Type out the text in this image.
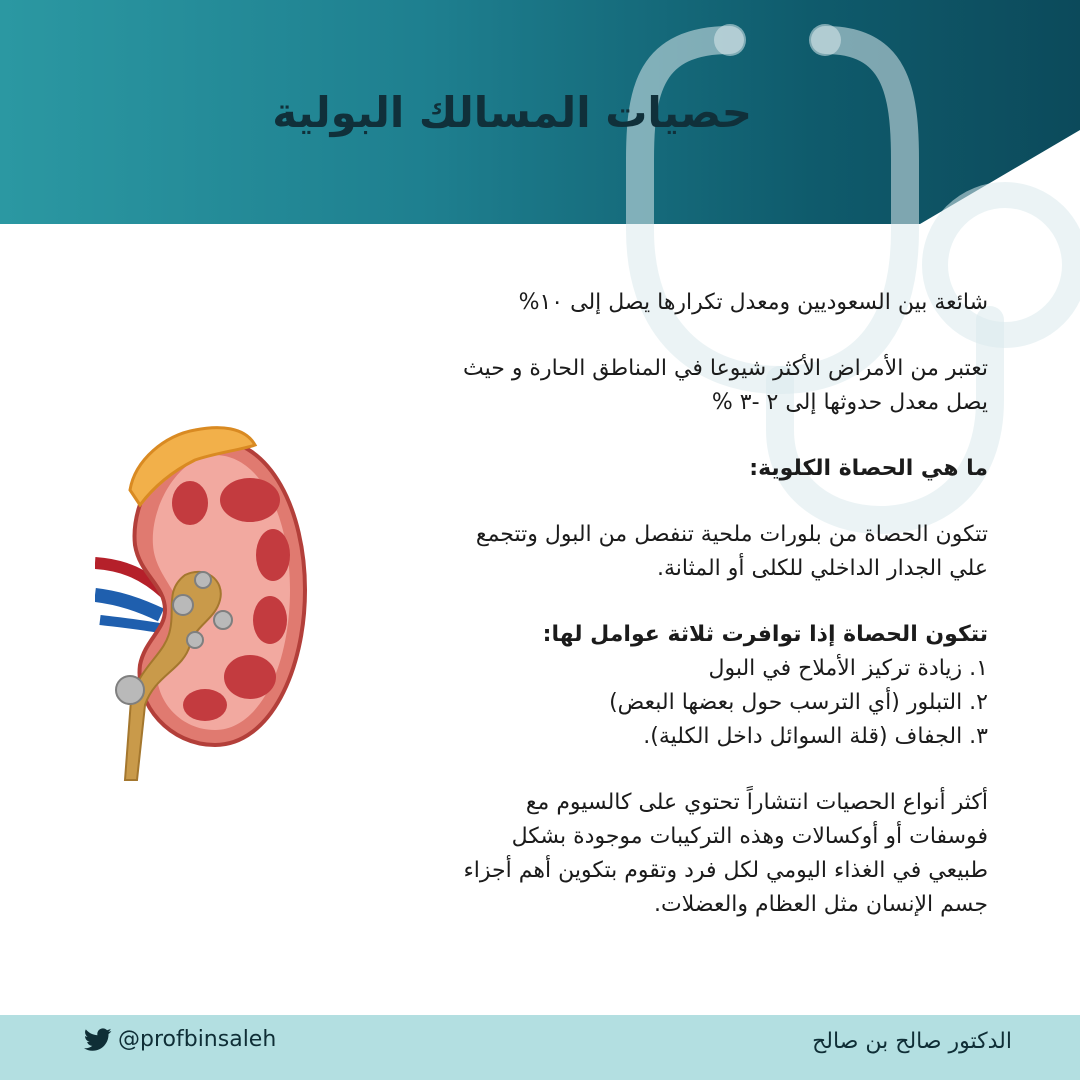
حصيات المسالك البولية

شائعة بين السعوديين ومعدل تكرارها يصل إلى ١٠%

تعتبر من الأمراض الأكثر شيوعا في المناطق الحارة و حيث

يصل معدل حدوثها إلى ٢ -٣ %

ما هي الحصاة الكلوية:

تتكون الحصاة من بلورات ملحية تنفصل من البول وتتجمع

علي الجدار الداخلي للكلى أو المثانة.

تتكون الحصاة إذا توافرت ثلاثة عوامل لها:

١. زيادة تركيز الأملاح في البول
٢. التبلور (أي الترسب حول بعضها البعض)
٣. الجفاف (قلة السوائل داخل الكلية).

أكثر أنواع الحصيات انتشاراً تحتوي على كالسيوم مع

فوسفات أو أوكسالات وهذه التركيبات موجودة بشكل

طبيعي في الغذاء اليومي لكل فرد وتقوم بتكوين أهم أجزاء

جسم الإنسان مثل العظام والعضلات.

@profbinsaleh	الدكتور صالح بن صالح
